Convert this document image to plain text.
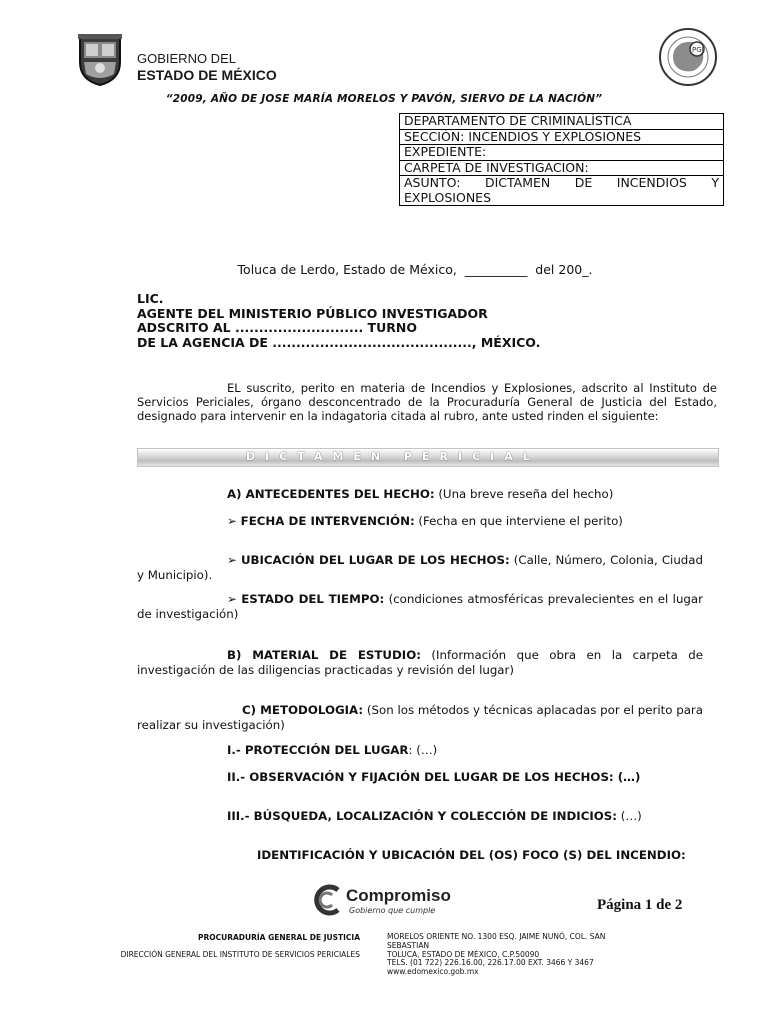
GOBIERNO DEL
ESTADO DE MÉXICO
PGJ
“2009, AÑO DE JOSE MARÍA MORELOS Y PAVÓN, SIERVO DE LA NACIÓN”
DEPARTAMENTO DE CRIMINALÍSTICA
SECCIÓN: INCENDIOS Y EXPLOSIONES
EXPEDIENTE:
CARPETA DE INVESTIGACION:
ASUNTO: DICTAMEN DE INCENDIOS Y EXPLOSIONES
Toluca de Lerdo, Estado de México, __________ del 200_.
LIC.
AGENTE DEL MINISTERIO PÚBLICO INVESTIGADOR
ADSCRITO AL ........................... TURNO
DE LA AGENCIA DE .........................................., MÉXICO.
EL suscrito, perito en materia de Incendios y Explosiones, adscrito al Instituto de Servicios Periciales, órgano desconcentrado de la Procuraduría General de Justicia del Estado, designado para intervenir en la indagatoria citada al rubro, ante usted rinden el siguiente:
DICTAMEN PERICIAL
A) ANTECEDENTES DEL HECHO: (Una breve reseña del hecho)
➢ FECHA DE INTERVENCIÓN: (Fecha en que interviene el perito)
➢ UBICACIÓN DEL LUGAR DE LOS HECHOS: (Calle, Número, Colonia, Ciudad y Municipio).
➢ ESTADO DEL TIEMPO: (condiciones atmosféricas prevalecientes en el lugar de investigación)
B) MATERIAL DE ESTUDIO: (Información que obra en la carpeta de investigación de las diligencias practicadas y revisión del lugar)
C) METODOLOGIA: (Son los métodos y técnicas aplacadas por el perito para realizar su investigación)
I.- PROTECCIÓN DEL LUGAR: (…)
II.- OBSERVACIÓN Y FIJACIÓN DEL LUGAR DE LOS HECHOS: (…)
III.- BÚSQUEDA, LOCALIZACIÓN Y COLECCIÓN DE INDICIOS: (…)
IDENTIFICACIÓN Y UBICACIÓN DEL (OS) FOCO (S) DEL INCENDIO:
Compromiso
Gobierno que cumple	Página 1 de 2
PROCURADURÍA GENERAL DE JUSTICIA
DIRECCIÓN GENERAL DEL INSTITUTO DE SERVICIOS PERICIALES
MORELOS ORIENTE NO. 1300 ESQ. JAIME NUNÓ, COL. SAN
SEBASTIAN
TOLUCA, ESTADO DE MÉXICO, C.P.50090
TELS. (01 722) 226.16.00, 226.17.00 EXT. 3466 Y 3467
www.edomexico.gob.mx
